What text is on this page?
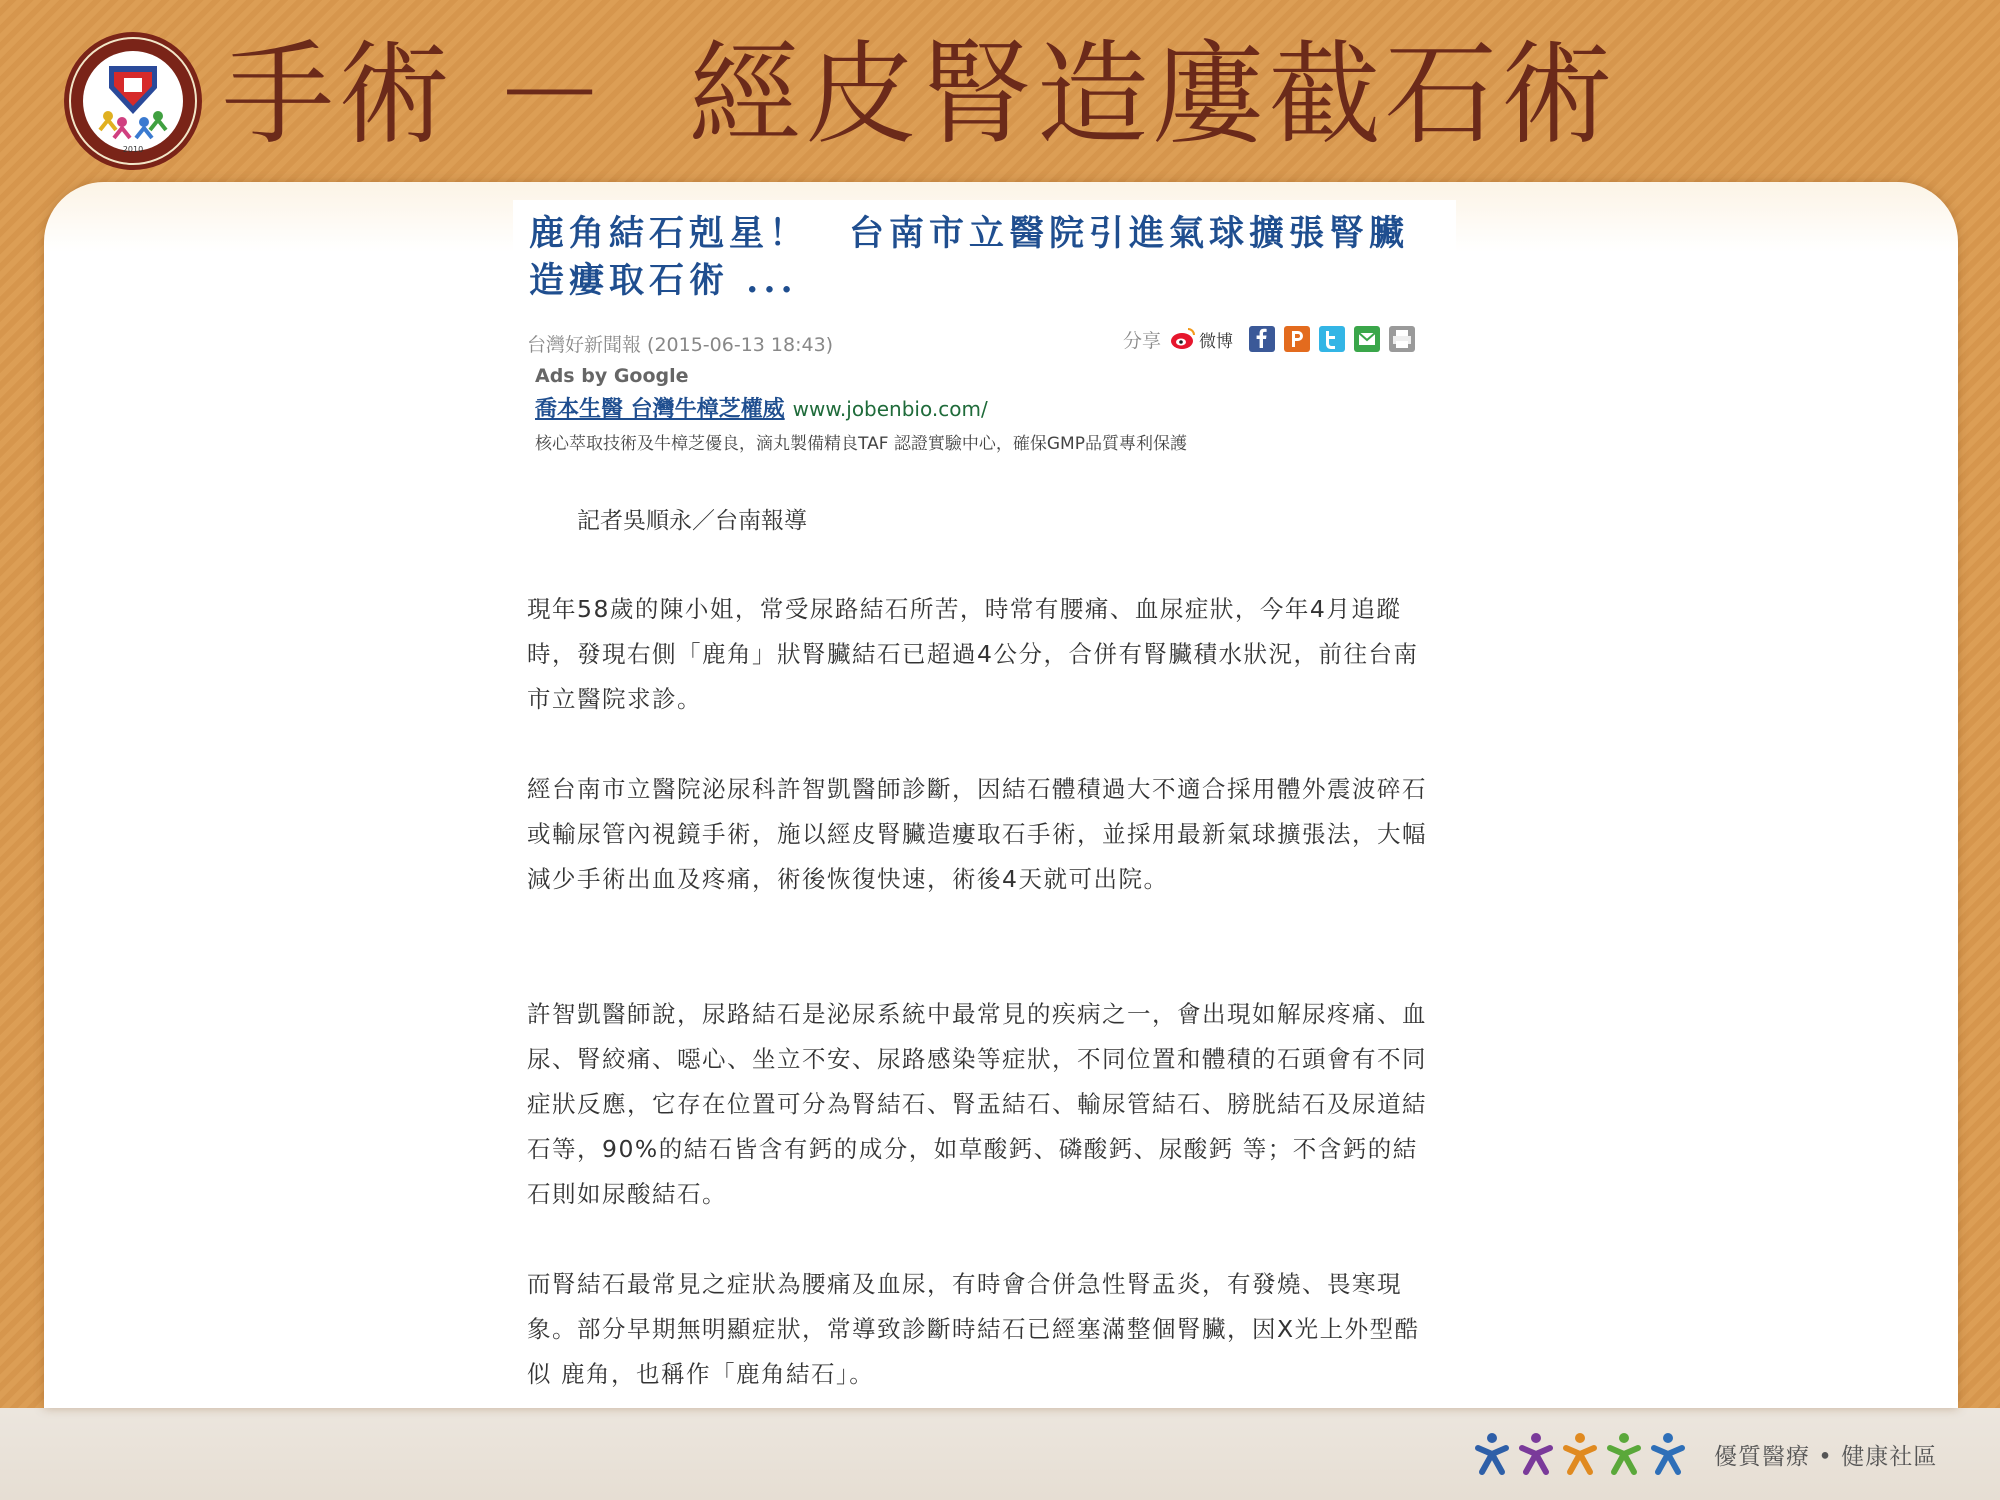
2010 手術 －  經皮腎造廔截石術
鹿角結石剋星！　台南市立醫院引進氣球擴張腎臟造瘻取石術 ...
台灣好新聞報 (2015-06-13 18:43)	分享 微博
Ads by Google
喬本生醫 台灣牛樟芝權威 www.jobenbio.com/
核心萃取技術及牛樟芝優良，滴丸製備精良TAF 認證實驗中心，確保GMP品質專利保護
記者吳順永／台南報導

現年58歲的陳小姐，常受尿路結石所苦，時常有腰痛、血尿症狀，今年4月追蹤時，發現右側「鹿角」狀腎臟結石已超過4公分，合併有腎臟積水狀況，前往台南市立醫院求診。

經台南市立醫院泌尿科許智凱醫師診斷，因結石體積過大不適合採用體外震波碎石或輸尿管內視鏡手術，施以經皮腎臟造瘻取石手術，並採用最新氣球擴張法，大幅減少手術出血及疼痛，術後恢復快速，術後4天就可出院。

許智凱醫師說，尿路結石是泌尿系統中最常見的疾病之一，會出現如解尿疼痛、血尿、腎絞痛、噁心、坐立不安、尿路感染等症狀，不同位置和體積的石頭會有不同症狀反應，它存在位置可分為腎結石、腎盂結石、輸尿管結石、膀胱結石及尿道結石等，90%的結石皆含有鈣的成分，如草酸鈣、磷酸鈣、尿酸鈣 等；不含鈣的結石則如尿酸結石。

而腎結石最常見之症狀為腰痛及血尿，有時會合併急性腎盂炎，有發燒、畏寒現象。部分早期無明顯症狀，常導致診斷時結石已經塞滿整個腎臟，因X光上外型酷似 鹿角，也稱作「鹿角結石」。

優質醫療 • 健康社區
